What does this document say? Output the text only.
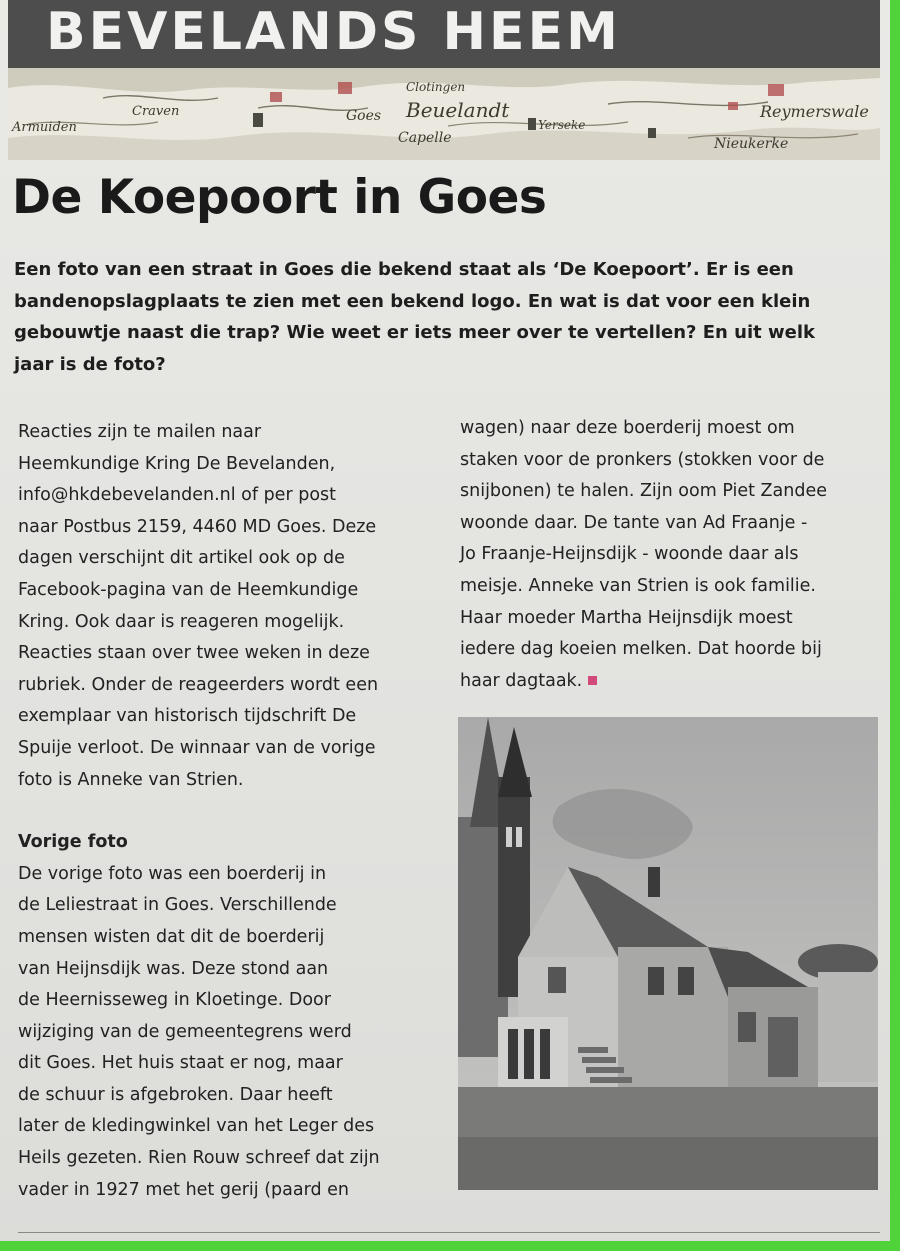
BEVELANDS HEEM
Craven	Goes Beuelandt
Capelle
Reymerswale
Nieukerke
Armuiden
Clotingen
Yerseke
De Koepoort in Goes
Een foto van een straat in Goes die bekend staat als ‘De Koepoort’. Er is een
bandenopslagplaats te zien met een bekend logo. En wat is dat voor een klein
gebouwtje naast die trap? Wie weet er iets meer over te vertellen? En uit welk
jaar is de foto?

Reacties zijn te mailen naar

Heemkundige Kring De Bevelanden,

info@hkdebevelanden.nl of per post

naar Postbus 2159, 4460 MD Goes. Deze

dagen verschijnt dit artikel ook op de

Facebook-pagina van de Heemkundige

Kring. Ook daar is reageren mogelijk.

Reacties staan over twee weken in deze

rubriek. Onder de reageerders wordt een

exemplaar van historisch tijdschrift De

Spuije verloot. De winnaar van de vorige

foto is Anneke van Strien.

Vorige foto

De vorige foto was een boerderij in

de Leliestraat in Goes. Verschillende

mensen wisten dat dit de boerderij

van Heijnsdijk was. Deze stond aan

de Heernisseweg in Kloetinge. Door

wijziging van de gemeentegrens werd

dit Goes. Het huis staat er nog, maar

de schuur is afgebroken. Daar heeft

later de kledingwinkel van het Leger des

Heils gezeten. Rien Rouw schreef dat zijn

vader in 1927 met het gerij (paard en

wagen) naar deze boerderij moest om

staken voor de pronkers (stokken voor de

snijbonen) te halen. Zijn oom Piet Zandee

woonde daar. De tante van Ad Fraanje -

Jo Fraanje-Heijnsdijk - woonde daar als

meisje. Anneke van Strien is ook familie.

Haar moeder Martha Heijnsdijk moest

iedere dag koeien melken. Dat hoorde bij

haar dagtaak.
